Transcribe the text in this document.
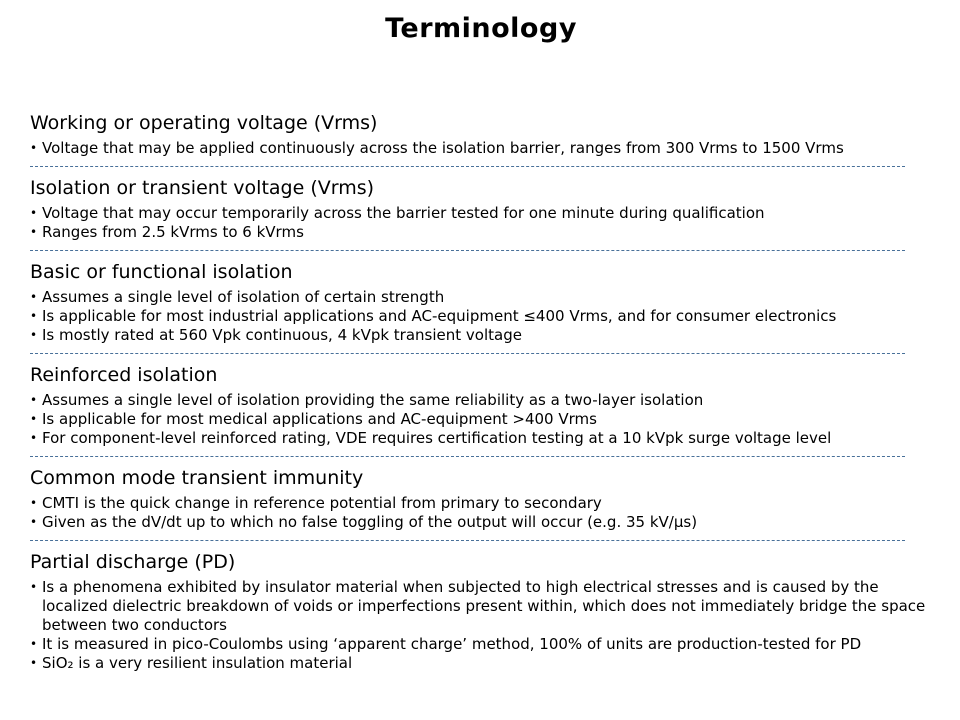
Terminology
Working or operating voltage (Vrms)
• Voltage that may be applied continuously across the isolation barrier, ranges from 300 Vrms to 1500 Vrms
Isolation or transient voltage (Vrms)
• Voltage that may occur temporarily across the barrier tested for one minute during qualification
• Ranges from 2.5 kVrms to 6 kVrms
Basic or functional isolation
• Assumes a single level of isolation of certain strength
• Is applicable for most industrial applications and AC-equipment ≤400 Vrms, and for consumer electronics
• Is mostly rated at 560 Vpk continuous, 4 kVpk transient voltage
Reinforced isolation
• Assumes a single level of isolation providing the same reliability as a two-layer isolation
• Is applicable for most medical applications and AC-equipment >400 Vrms
• For component-level reinforced rating, VDE requires certification testing at a 10 kVpk surge voltage level
Common mode transient immunity
• CMTI is the quick change in reference potential from primary to secondary
• Given as the dV/dt up to which no false toggling of the output will occur (e.g. 35 kV/µs)
Partial discharge (PD)
• Is a phenomena exhibited by insulator material when subjected to high electrical stresses and is caused by the localized dielectric breakdown of voids or imperfections present within, which does not immediately bridge the space between two conductors
• It is measured in pico-Coulombs using ‘apparent charge’ method, 100% of units are production-tested for PD
• SiO₂ is a very resilient insulation material
